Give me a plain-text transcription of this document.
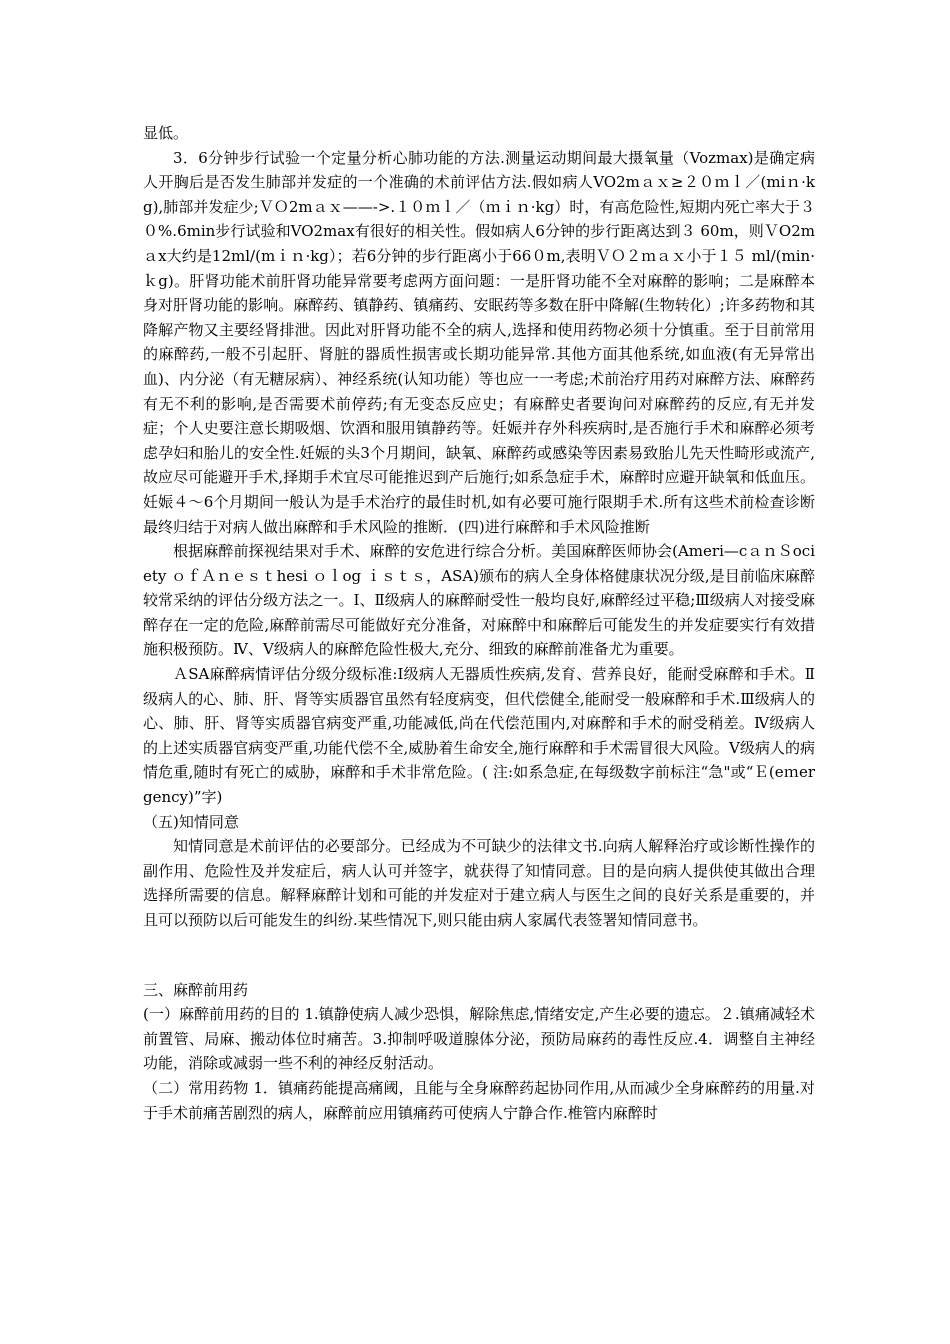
显低。

3．6分钟步行试验一个定量分析心肺功能的方法.测量运动期间最大摄氧量（Vozmax)是确定病人开胸后是否发生肺部并发症的一个准确的术前评估方法.假如病人VO2mａｘ≥２０ｍｌ／(miｎ·kg),肺部并发症少;ＶＯ2mａｘ——->.１０ｍｌ／（ｍｉｎ·kg）时，有高危险性,短期内死亡率大于３０%.6min步行试验和VO2max有很好的相关性。假如病人6分钟的步行距离达到３ 60m，则ＶO2mａx大约是12ml/(mｉｎ·kg）；若6分钟的步行距离小于66０m,表明ＶＯ２ｍａｘ小于１５ ml/(min·ｋg)。肝肾功能术前肝肾功能异常要考虑两方面问题：一是肝肾功能不全对麻醉的影响；二是麻醉本身对肝肾功能的影响。麻醉药、镇静药、镇痛药、安眠药等多数在肝中降解(生物转化）;许多药物和其降解产物又主要经肾排泄。因此对肝肾功能不全的病人,选择和使用药物必须十分慎重。至于目前常用的麻醉药,一般不引起肝、肾脏的器质性损害或长期功能异常.其他方面其他系统,如血液(有无异常出血)、内分泌（有无糖尿病）、神经系统(认知功能）等也应一一考虑;术前治疗用药对麻醉方法、麻醉药有无不利的影响,是否需要术前停药;有无变态反应史；有麻醉史者要询问对麻醉药的反应,有无并发症；个人史要注意长期吸烟、饮酒和服用镇静药等。妊娠并存外科疾病时,是否施行手术和麻醉必须考虑孕妇和胎儿的安全性.妊娠的头3个月期间，缺氧、麻醉药或感染等因素易致胎儿先天性畸形或流产,故应尽可能避开手术,择期手术宜尽可能推迟到产后施行;如系急症手术，麻醉时应避开缺氧和低血压。妊娠４～6个月期间一般认为是手术治疗的最佳时机,如有必要可施行限期手术.所有这些术前检查诊断最终归结于对病人做出麻醉和手术风险的推断．(四)进行麻醉和手术风险推断

根据麻醉前探视结果对手术、麻醉的安危进行综合分析。美国麻醉医师协会(Ameri—cａｎＳociety ｏｆＡｎｅｓｔhesi ｏｌog ｉｓｔｓ，ASA)颁布的病人全身体格健康状况分级,是目前临床麻醉较常采纳的评估分级方法之一。Ⅰ、Ⅱ级病人的麻醉耐受性一般均良好,麻醉经过平稳;Ⅲ级病人对接受麻醉存在一定的危险,麻醉前需尽可能做好充分准备，对麻醉中和麻醉后可能发生的并发症要实行有效措施积极预防。Ⅳ、Ⅴ级病人的麻醉危险性极大,充分、细致的麻醉前准备尤为重要。

ＡSA麻醉病情评估分级分级标准:I级病人无器质性疾病,发育、营养良好，能耐受麻醉和手术。Ⅱ级病人的心、肺、肝、肾等实质器官虽然有轻度病变，但代偿健全,能耐受一般麻醉和手术.Ⅲ级病人的心、肺、肝、肾等实质器官病变严重,功能减低,尚在代偿范围内,对麻醉和手术的耐受稍差。Ⅳ级病人的上述实质器官病变严重,功能代偿不全,威胁着生命安全,施行麻醉和手术需冒很大风险。Ⅴ级病人的病情危重,随时有死亡的威胁，麻醉和手术非常危险。( 注:如系急症,在每级数字前标注“急"或“Ｅ(eｍergency)”字)

（五)知情同意

知情同意是术前评估的必要部分。已经成为不可缺少的法律文书.向病人解释治疗或诊断性操作的副作用、危险性及并发症后，病人认可并签字，就获得了知情同意。目的是向病人提供使其做出合理选择所需要的信息。解释麻醉计划和可能的并发症对于建立病人与医生之间的良好关系是重要的，并且可以预防以后可能发生的纠纷.某些情况下,则只能由病人家属代表签署知情同意书。

三、麻醉前用药

(一）麻醉前用药的目的 1.镇静使病人减少恐惧，解除焦虑,情绪安定,产生必要的遗忘。２.镇痛减轻术前置管、局麻、搬动体位时痛苦。3.抑制呼吸道腺体分泌，预防局麻药的毒性反应.4．调整自主神经功能，消除或减弱一些不利的神经反射活动。

（二）常用药物 1．镇痛药能提高痛阈，且能与全身麻醉药起协同作用,从而减少全身麻醉药的用量.对于手术前痛苦剧烈的病人，麻醉前应用镇痛药可使病人宁静合作.椎管内麻醉时
